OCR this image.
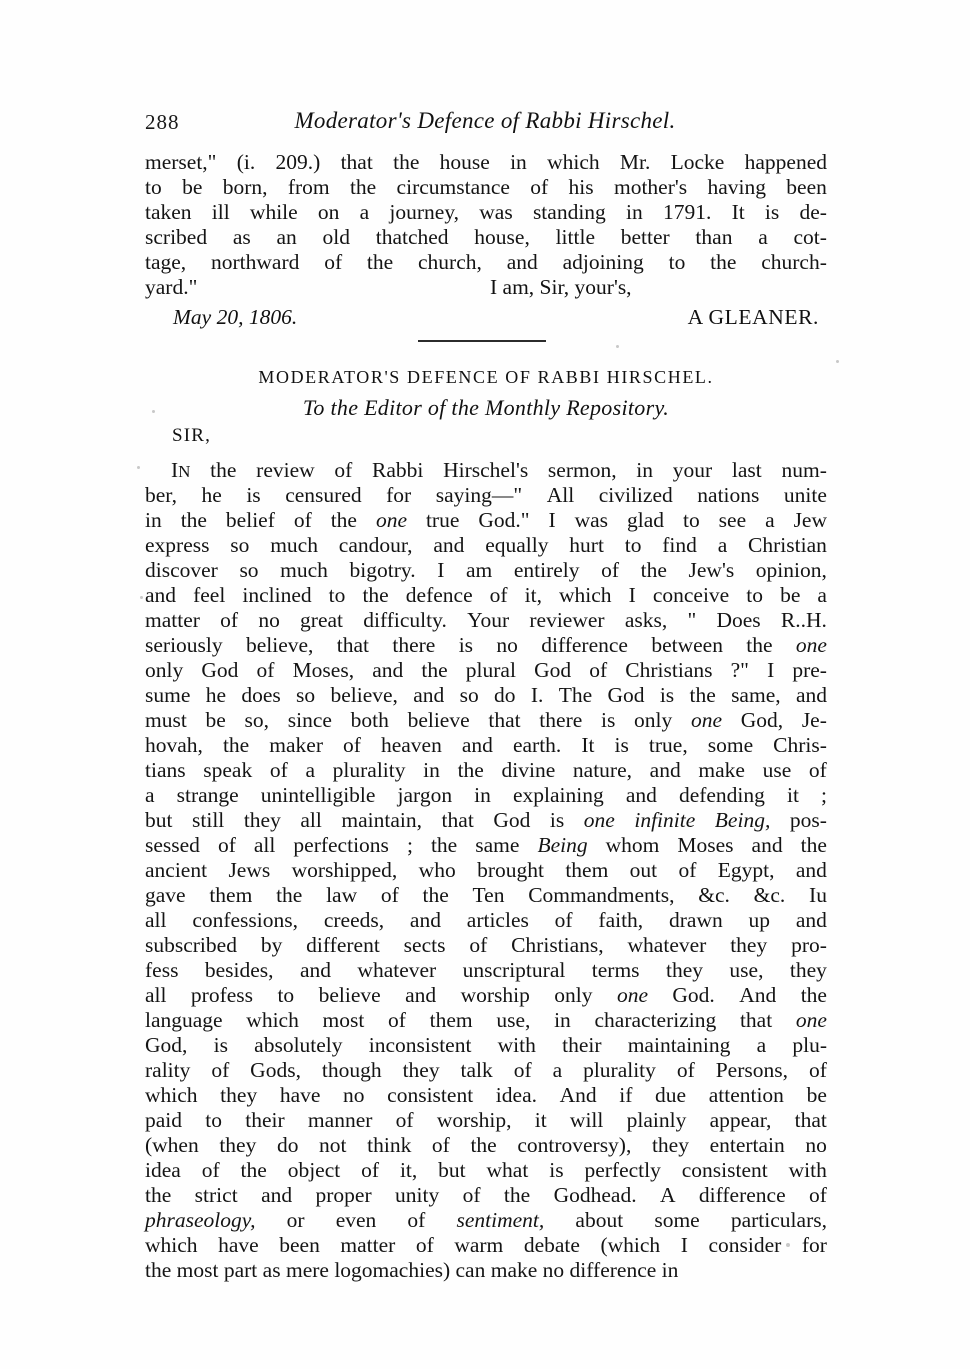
288	Moderator's Defence of Rabbi Hirschel.
merset," (i. 209.) that the house in which Mr. Locke happened
to be born, from the circumstance of his mother's having been
taken ill while on a journey, was standing in 1791. It is de-
scribed as an old thatched house, little better than a cot-
tage, northward of the church, and adjoining to the church-
yard."	I am, Sir, your's,
May 20, 1806.	A GLEANER.
MODERATOR'S DEFENCE OF RABBI HIRSCHEL.
To the Editor of the Monthly Repository.
SIR,
IN the review of Rabbi Hirschel's sermon, in your last num-
ber, he is censured for saying—" All civilized nations unite
in the belief of the one true God." I was glad to see a Jew
express so much candour, and equally hurt to find a Christian
discover so much bigotry. I am entirely of the Jew's opinion,
and feel inclined to the defence of it, which I conceive to be a
matter of no great difficulty. Your reviewer asks, " Does R..H.
seriously believe, that there is no difference between the one
only God of Moses, and the plural God of Christians ?" I pre-
sume he does so believe, and so do I. The God is the same, and
must be so, since both believe that there is only one God, Je-
hovah, the maker of heaven and earth. It is true, some Chris-
tians speak of a plurality in the divine nature, and make use of
a strange unintelligible jargon in explaining and defending it ;
but still they all maintain, that God is one infinite Being, pos-
sessed of all perfections ; the same Being whom Moses and the
ancient Jews worshipped, who brought them out of Egypt, and
gave them the law of the Ten Commandments, &c. &c. Iu
all confessions, creeds, and articles of faith, drawn up and
subscribed by different sects of Christians, whatever they pro-
fess besides, and whatever unscriptural terms they use, they
all profess to believe and worship only one God. And the
language which most of them use, in characterizing that one
God, is absolutely inconsistent with their maintaining a plu-
rality of Gods, though they talk of a plurality of Persons, of
which they have no consistent idea. And if due attention be
paid to their manner of worship, it will plainly appear, that
(when they do not think of the controversy), they entertain no
idea of the object of it, but what is perfectly consistent with
the strict and proper unity of the Godhead. A difference of
phraseology, or even of sentiment, about some particulars,
which have been matter of warm debate (which I consider for
the most part as mere logomachies) can make no difference in
